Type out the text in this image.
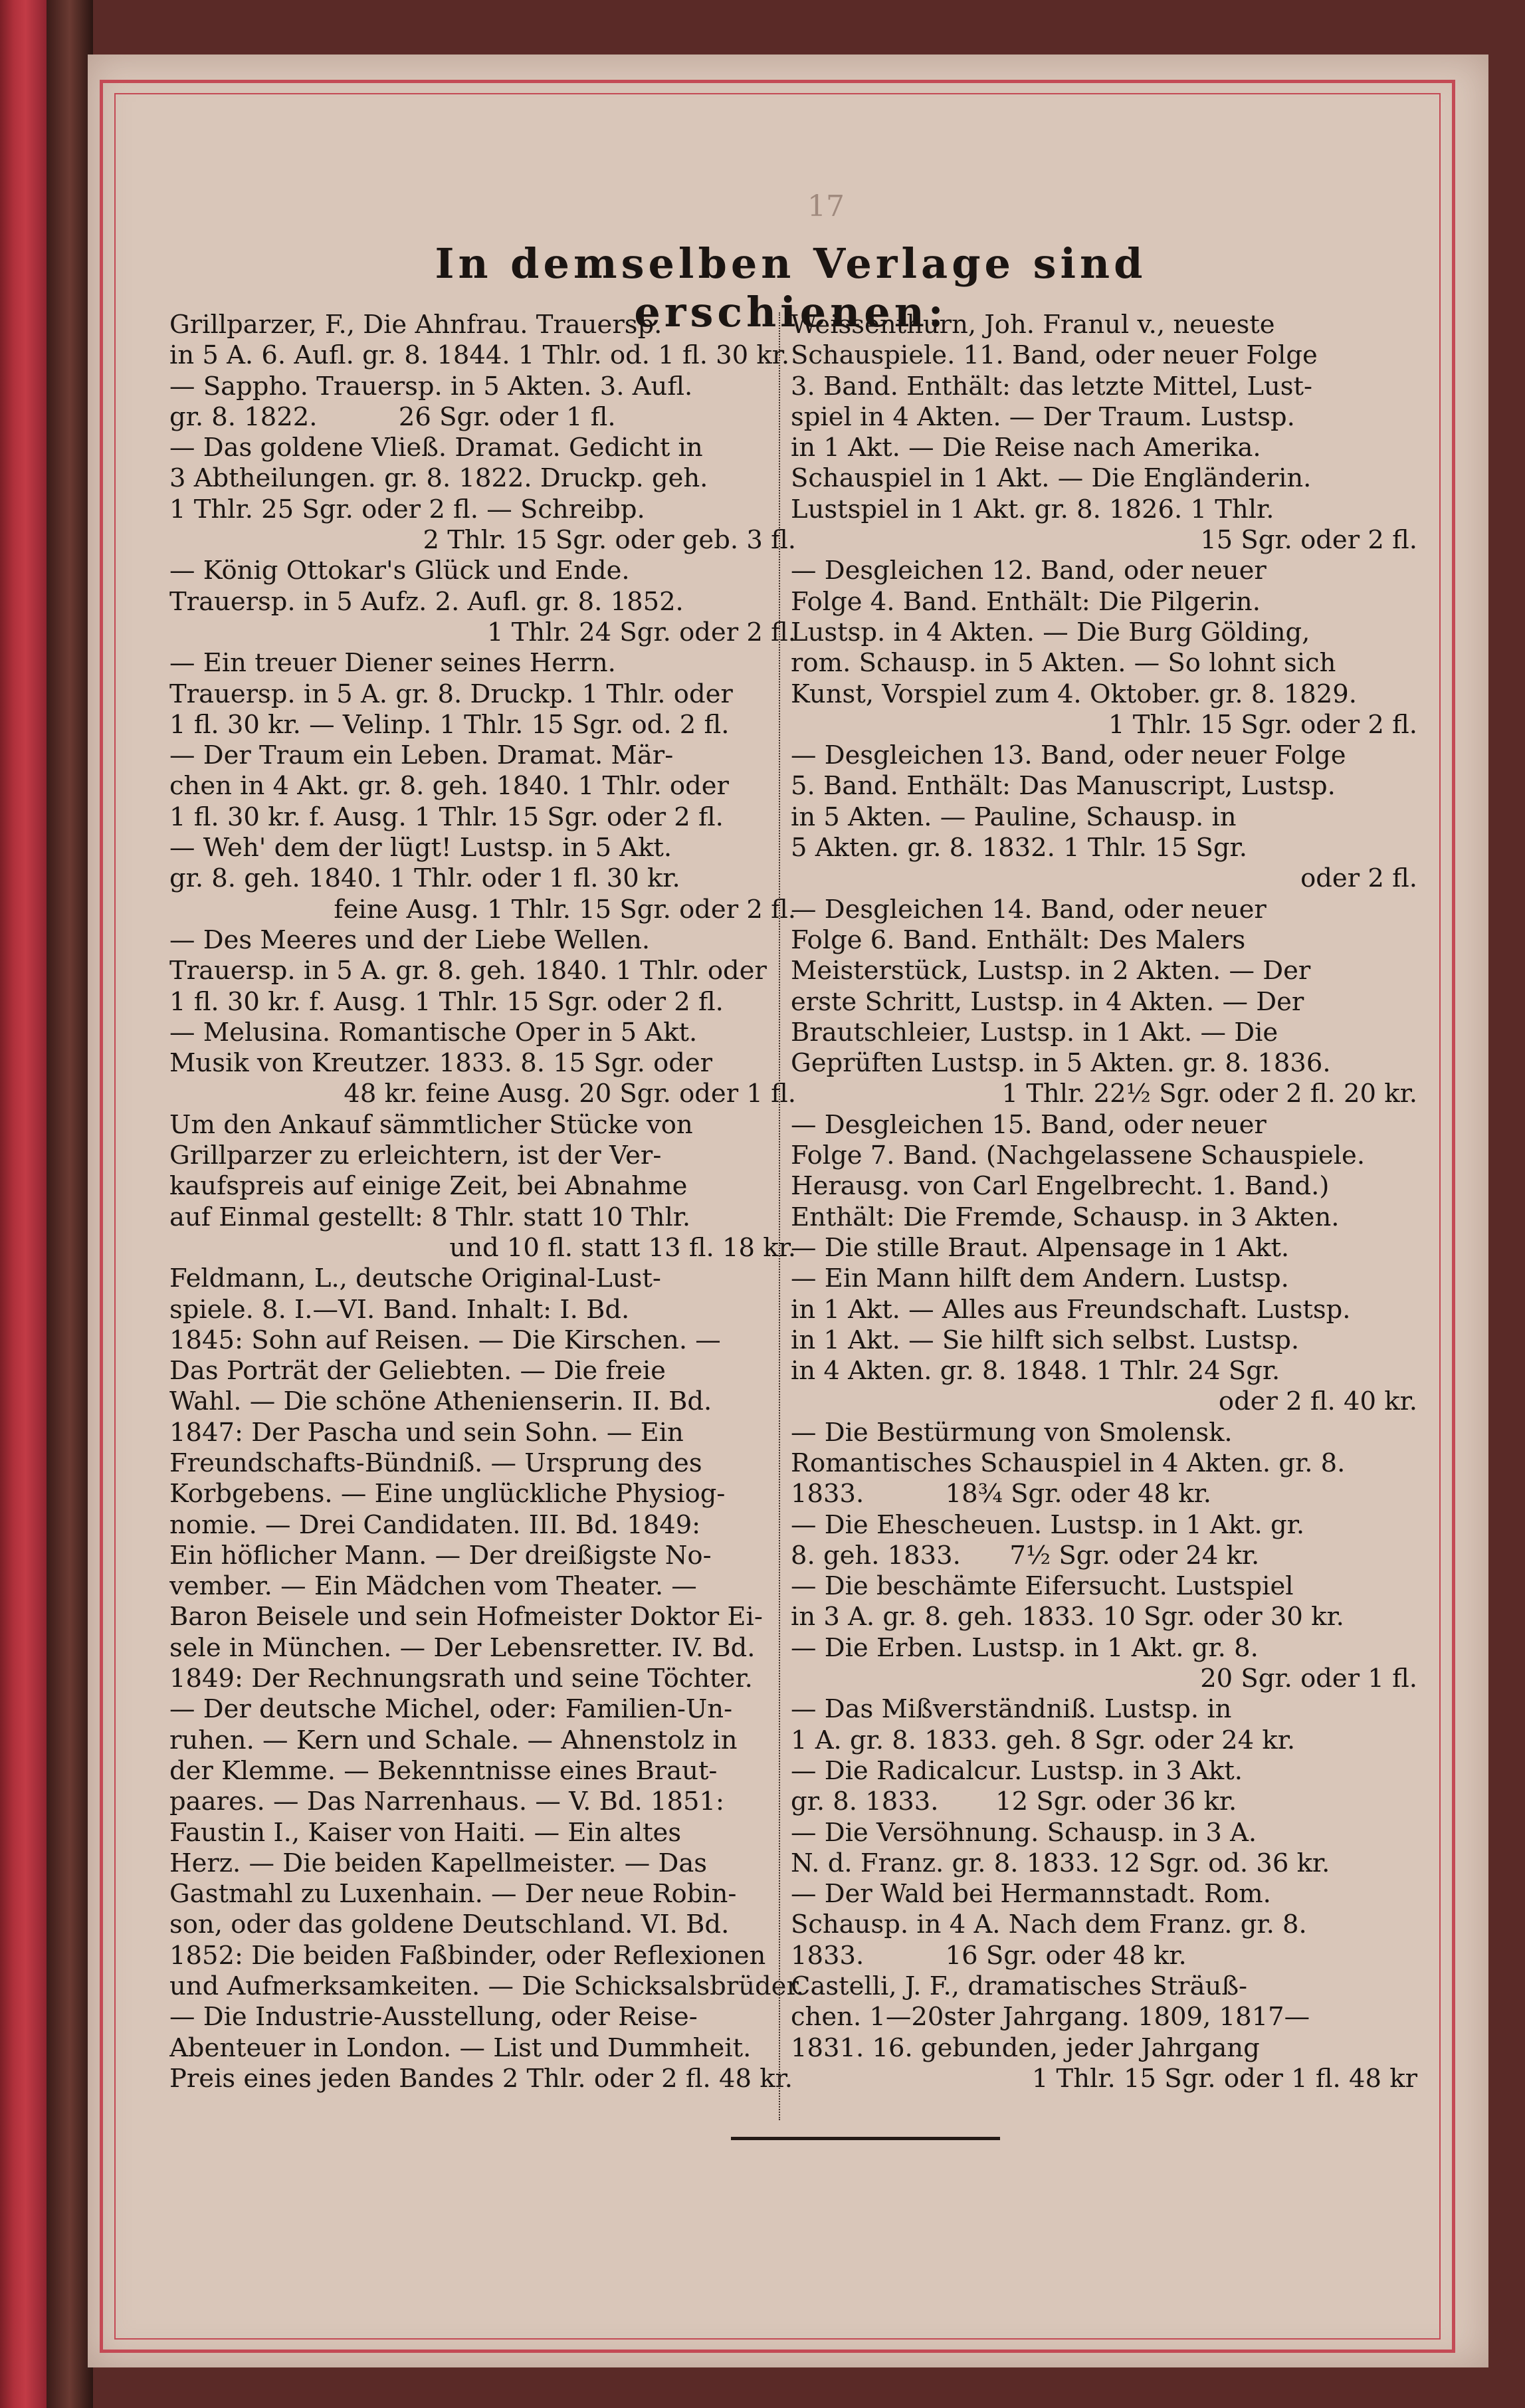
17
In demselben Verlage sind erschienen:
Grillparzer, F., Die Ahnfrau. Trauersp.
in 5 A. 6. Aufl. gr. 8. 1844. 1 Thlr. od. 1 fl. 30 kr.
— Sappho. Trauersp. in 5 Akten. 3. Aufl.
gr. 8. 1822.          26 Sgr. oder 1 fl.
— Das goldene Vließ. Dramat. Gedicht in
3 Abtheilungen. gr. 8. 1822. Druckp. geh.
1 Thlr. 25 Sgr. oder 2 fl. — Schreibp.
2 Thlr. 15 Sgr. oder geb. 3 fl.
— König Ottokar's Glück und Ende.
Trauersp. in 5 Aufz. 2. Aufl. gr. 8. 1852.
1 Thlr. 24 Sgr. oder 2 fl.
— Ein treuer Diener seines Herrn.
Trauersp. in 5 A. gr. 8. Druckp. 1 Thlr. oder
1 fl. 30 kr. — Velinp. 1 Thlr. 15 Sgr. od. 2 fl.
— Der Traum ein Leben. Dramat. Mär-
chen in 4 Akt. gr. 8. geh. 1840. 1 Thlr. oder
1 fl. 30 kr. f. Ausg. 1 Thlr. 15 Sgr. oder 2 fl.
— Weh' dem der lügt! Lustsp. in 5 Akt.
gr. 8. geh. 1840. 1 Thlr. oder 1 fl. 30 kr.
feine Ausg. 1 Thlr. 15 Sgr. oder 2 fl.
— Des Meeres und der Liebe Wellen.
Trauersp. in 5 A. gr. 8. geh. 1840. 1 Thlr. oder
1 fl. 30 kr. f. Ausg. 1 Thlr. 15 Sgr. oder 2 fl.
— Melusina. Romantische Oper in 5 Akt.
Musik von Kreutzer. 1833. 8. 15 Sgr. oder
48 kr. feine Ausg. 20 Sgr. oder 1 fl.
Um den Ankauf sämmtlicher Stücke von
Grillparzer zu erleichtern, ist der Ver-
kaufspreis auf einige Zeit, bei Abnahme
auf Einmal gestellt: 8 Thlr. statt 10 Thlr.
und 10 fl. statt 13 fl. 18 kr.
Feldmann, L., deutsche Original-Lust-
spiele. 8. I.—VI. Band. Inhalt: I. Bd.
1845: Sohn auf Reisen. — Die Kirschen. —
Das Porträt der Geliebten. — Die freie
Wahl. — Die schöne Athenienserin. II. Bd.
1847: Der Pascha und sein Sohn. — Ein
Freundschafts-Bündniß. — Ursprung des
Korbgebens. — Eine unglückliche Physiog-
nomie. — Drei Candidaten. III. Bd. 1849:
Ein höflicher Mann. — Der dreißigste No-
vember. — Ein Mädchen vom Theater. —
Baron Beisele und sein Hofmeister Doktor Ei-
sele in München. — Der Lebensretter. IV. Bd.
1849: Der Rechnungsrath und seine Töchter.
— Der deutsche Michel, oder: Familien-Un-
ruhen. — Kern und Schale. — Ahnenstolz in
der Klemme. — Bekenntnisse eines Braut-
paares. — Das Narrenhaus. — V. Bd. 1851:
Faustin I., Kaiser von Haiti. — Ein altes
Herz. — Die beiden Kapellmeister. — Das
Gastmahl zu Luxenhain. — Der neue Robin-
son, oder das goldene Deutschland. VI. Bd.
1852: Die beiden Faßbinder, oder Reflexionen
und Aufmerksamkeiten. — Die Schicksalsbrüder.
— Die Industrie-Ausstellung, oder Reise-
Abenteuer in London. — List und Dummheit.
Preis eines jeden Bandes 2 Thlr. oder 2 fl. 48 kr.
Weissenthurn, Joh. Franul v., neueste
Schauspiele. 11. Band, oder neuer Folge
3. Band. Enthält: das letzte Mittel, Lust-
spiel in 4 Akten. — Der Traum. Lustsp.
in 1 Akt. — Die Reise nach Amerika.
Schauspiel in 1 Akt. — Die Engländerin.
Lustspiel in 1 Akt. gr. 8. 1826. 1 Thlr.
15 Sgr. oder 2 fl.
— Desgleichen 12. Band, oder neuer
Folge 4. Band. Enthält: Die Pilgerin.
Lustsp. in 4 Akten. — Die Burg Gölding,
rom. Schausp. in 5 Akten. — So lohnt sich
Kunst, Vorspiel zum 4. Oktober. gr. 8. 1829.
1 Thlr. 15 Sgr. oder 2 fl.
— Desgleichen 13. Band, oder neuer Folge
5. Band. Enthält: Das Manuscript, Lustsp.
in 5 Akten. — Pauline, Schausp. in
5 Akten. gr. 8. 1832. 1 Thlr. 15 Sgr.
oder 2 fl.
— Desgleichen 14. Band, oder neuer
Folge 6. Band. Enthält: Des Malers
Meisterstück, Lustsp. in 2 Akten. — Der
erste Schritt, Lustsp. in 4 Akten. — Der
Brautschleier, Lustsp. in 1 Akt. — Die
Geprüften Lustsp. in 5 Akten. gr. 8. 1836.
1 Thlr. 22½ Sgr. oder 2 fl. 20 kr.
— Desgleichen 15. Band, oder neuer
Folge 7. Band. (Nachgelassene Schauspiele.
Herausg. von Carl Engelbrecht. 1. Band.)
Enthält: Die Fremde, Schausp. in 3 Akten.
— Die stille Braut. Alpensage in 1 Akt.
— Ein Mann hilft dem Andern. Lustsp.
in 1 Akt. — Alles aus Freundschaft. Lustsp.
in 1 Akt. — Sie hilft sich selbst. Lustsp.
in 4 Akten. gr. 8. 1848. 1 Thlr. 24 Sgr.
oder 2 fl. 40 kr.
— Die Bestürmung von Smolensk.
Romantisches Schauspiel in 4 Akten. gr. 8.
1833.          18¾ Sgr. oder 48 kr.
— Die Ehescheuen. Lustsp. in 1 Akt. gr.
8. geh. 1833.      7½ Sgr. oder 24 kr.
— Die beschämte Eifersucht. Lustspiel
in 3 A. gr. 8. geh. 1833. 10 Sgr. oder 30 kr.
— Die Erben. Lustsp. in 1 Akt. gr. 8.
20 Sgr. oder 1 fl.
— Das Mißverständniß. Lustsp. in
1 A. gr. 8. 1833. geh. 8 Sgr. oder 24 kr.
— Die Radicalcur. Lustsp. in 3 Akt.
gr. 8. 1833.       12 Sgr. oder 36 kr.
— Die Versöhnung. Schausp. in 3 A.
N. d. Franz. gr. 8. 1833. 12 Sgr. od. 36 kr.
— Der Wald bei Hermannstadt. Rom.
Schausp. in 4 A. Nach dem Franz. gr. 8.
1833.          16 Sgr. oder 48 kr.
Castelli, J. F., dramatisches Sträuß-
chen. 1—20ster Jahrgang. 1809, 1817—
1831. 16. gebunden, jeder Jahrgang
1 Thlr. 15 Sgr. oder 1 fl. 48 kr
